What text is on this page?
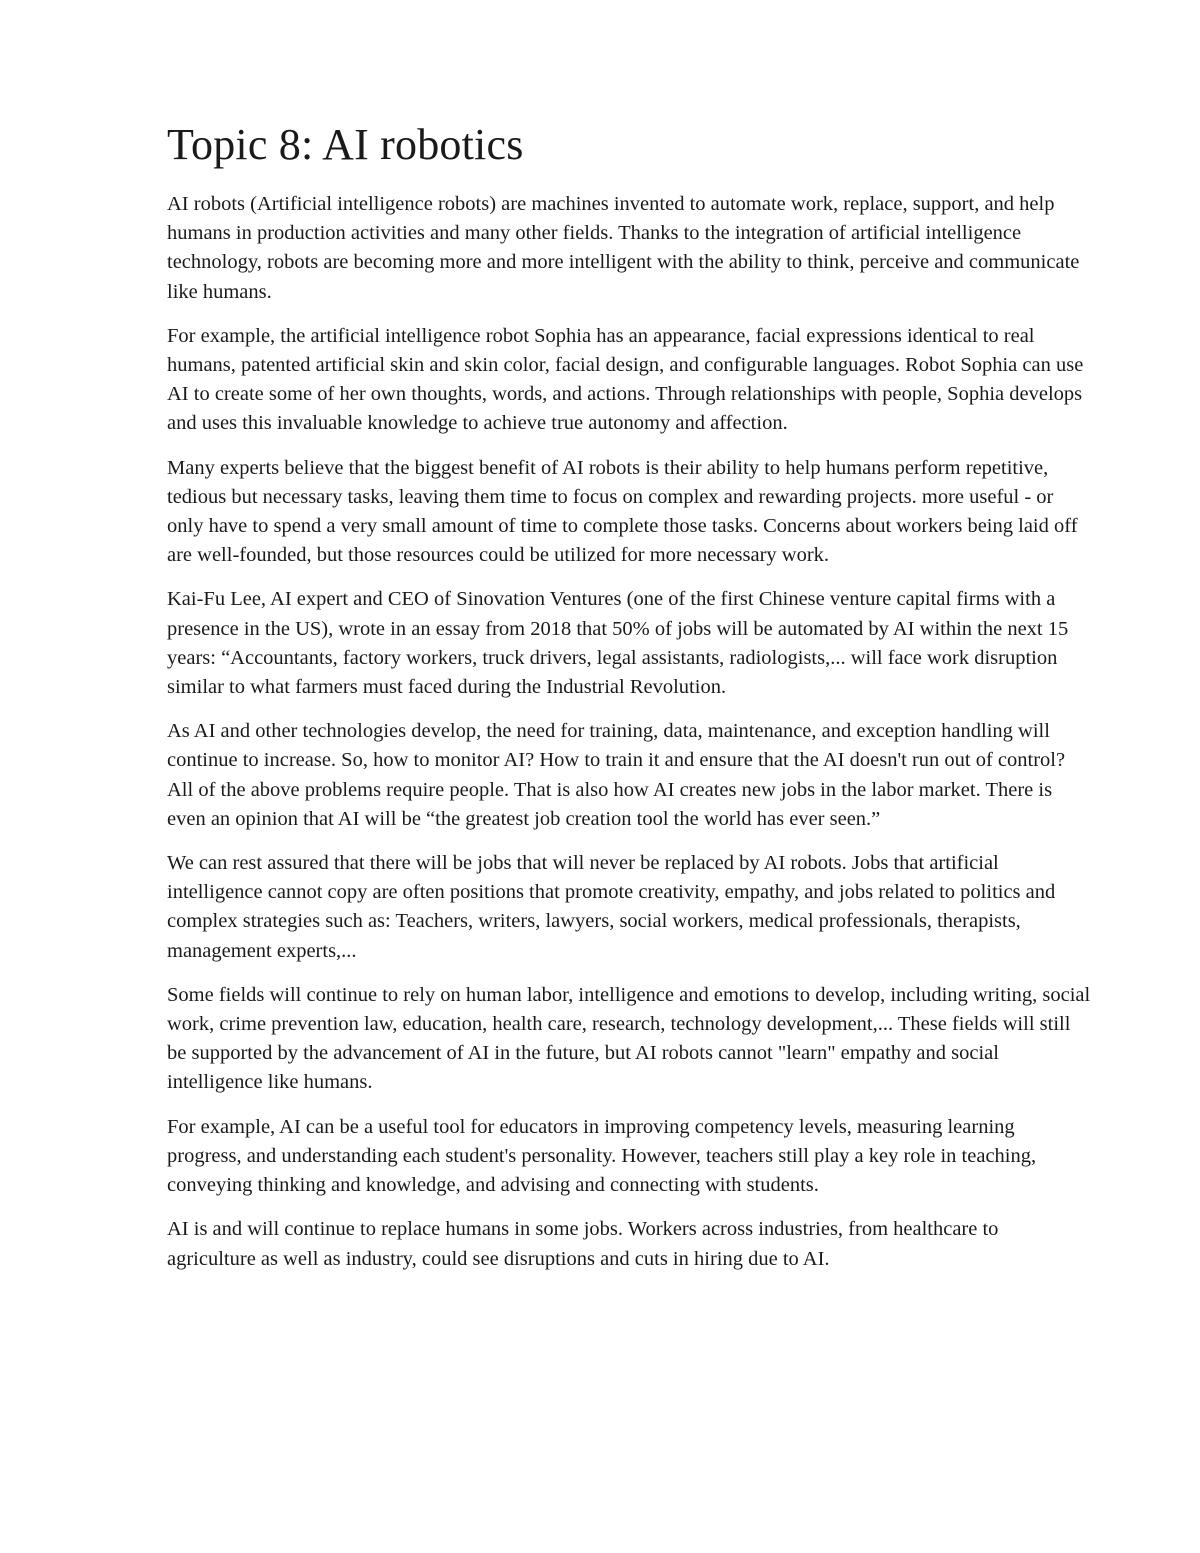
Topic 8: AI robotics

AI robots (Artificial intelligence robots) are machines invented to automate work, replace, support, and help humans in production activities and many other fields. Thanks to the integration of artificial intelligence technology, robots are becoming more and more intelligent with the ability to think, perceive and communicate like humans.

For example, the artificial intelligence robot Sophia has an appearance, facial expressions identical to real humans, patented artificial skin and skin color, facial design, and configurable languages. Robot Sophia can use AI to create some of her own thoughts, words, and actions. Through relationships with people, Sophia develops and uses this invaluable knowledge to achieve true autonomy and affection.

Many experts believe that the biggest benefit of AI robots is their ability to help humans perform repetitive, tedious but necessary tasks, leaving them time to focus on complex and rewarding projects. more useful - or only have to spend a very small amount of time to complete those tasks. Concerns about workers being laid off are well-founded, but those resources could be utilized for more necessary work.

Kai-Fu Lee, AI expert and CEO of Sinovation Ventures (one of the first Chinese venture capital firms with a presence in the US), wrote in an essay from 2018 that 50% of jobs will be automated by AI within the next 15 years: “Accountants, factory workers, truck drivers, legal assistants, radiologists,... will face work disruption similar to what farmers must faced during the Industrial Revolution.

As AI and other technologies develop, the need for training, data, maintenance, and exception handling will continue to increase. So, how to monitor AI? How to train it and ensure that the AI doesn't run out of control? All of the above problems require people. That is also how AI creates new jobs in the labor market. There is even an opinion that AI will be “the greatest job creation tool the world has ever seen.”

We can rest assured that there will be jobs that will never be replaced by AI robots. Jobs that artificial intelligence cannot copy are often positions that promote creativity, empathy, and jobs related to politics and complex strategies such as: Teachers, writers, lawyers, social workers, medical professionals, therapists, management experts,...

Some fields will continue to rely on human labor, intelligence and emotions to develop, including writing, social work, crime prevention law, education, health care, research, technology development,... These fields will still be supported by the advancement of AI in the future, but AI robots cannot "learn" empathy and social intelligence like humans.

For example, AI can be a useful tool for educators in improving competency levels, measuring learning progress, and understanding each student's personality. However, teachers still play a key role in teaching, conveying thinking and knowledge, and advising and connecting with students.

AI is and will continue to replace humans in some jobs. Workers across industries, from healthcare to agriculture as well as industry, could see disruptions and cuts in hiring due to AI.
